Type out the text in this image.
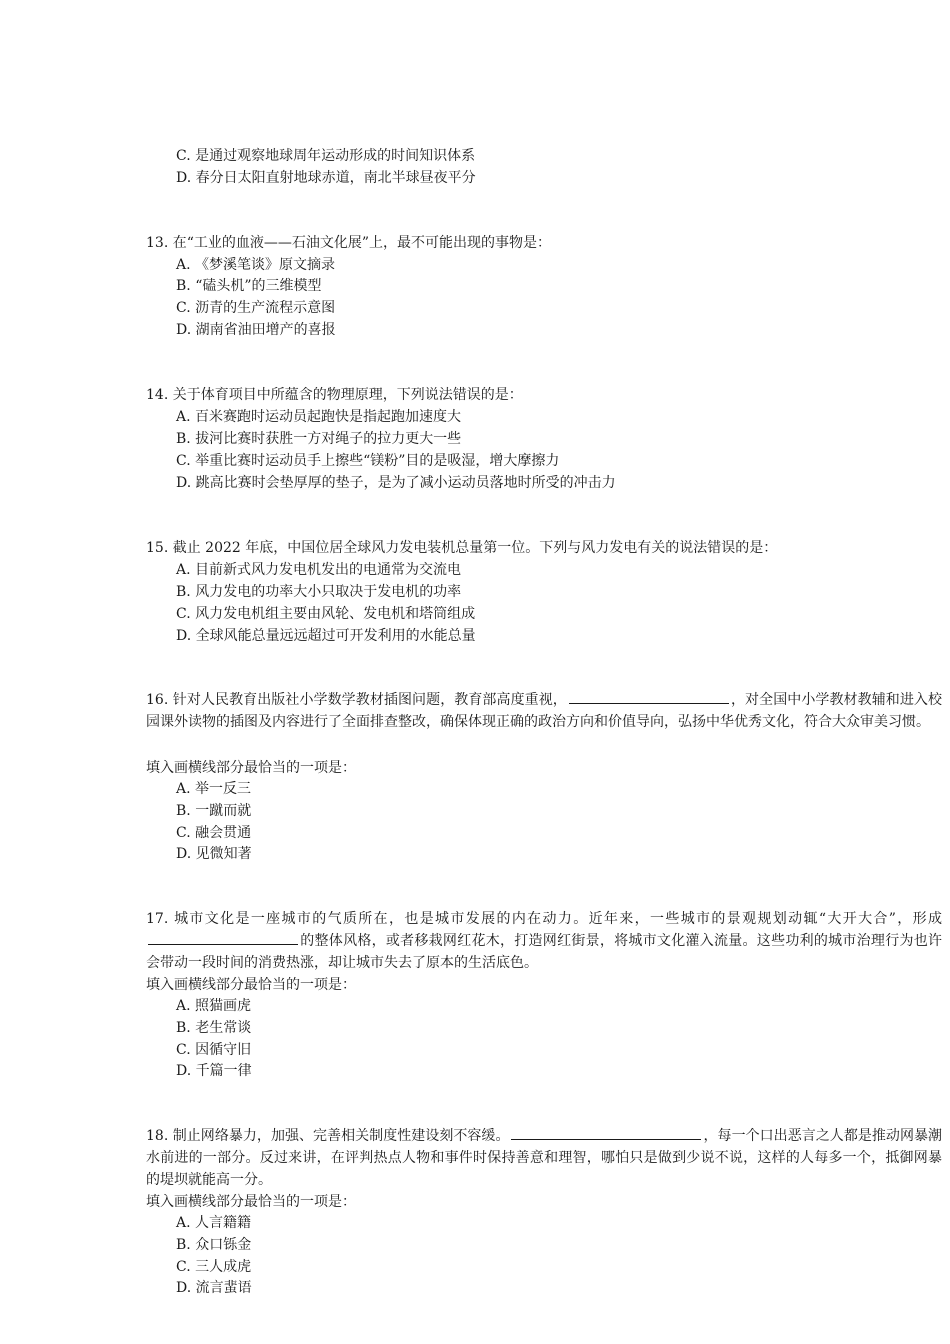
C. 是通过观察地球周年运动形成的时间知识体系
D. 春分日太阳直射地球赤道，南北半球昼夜平分
13. 在“工业的血液——石油文化展”上，最不可能出现的事物是：
A. 《梦溪笔谈》原文摘录
B. “磕头机”的三维模型
C. 沥青的生产流程示意图
D. 湖南省油田增产的喜报
14. 关于体育项目中所蕴含的物理原理，下列说法错误的是：
A. 百米赛跑时运动员起跑快是指起跑加速度大
B. 拔河比赛时获胜一方对绳子的拉力更大一些
C. 举重比赛时运动员手上擦些“镁粉”目的是吸湿，增大摩擦力
D. 跳高比赛时会垫厚厚的垫子，是为了减小运动员落地时所受的冲击力
15. 截止 2022 年底，中国位居全球风力发电装机总量第一位。下列与风力发电有关的说法错误的是：
A. 目前新式风力发电机发出的电通常为交流电
B. 风力发电的功率大小只取决于发电机的功率
C. 风力发电机组主要由风轮、发电机和塔筒组成
D. 全球风能总量远远超过可开发利用的水能总量
16. 针对人民教育出版社小学数学教材插图问题，教育部高度重视，	，对全国中小学教材教辅和进入校园课外读物的插图及内容进行了全面排查整改，确保体现正确的政治方向和价值导向，弘扬中华优秀文化，符合大众审美习惯。
填入画横线部分最恰当的一项是：
A. 举一反三
B. 一蹴而就
C. 融会贯通
D. 见微知著
17. 城市文化是一座城市的气质所在，也是城市发展的内在动力。近年来，一些城市的景观规划动辄“大开大合”，形成的整体风格，或者移栽网红花木，打造网红街景，将城市文化灌入流量。这些功利的城市治理行为也许会带动一段时间的消费热涨，却让城市失去了原本的生活底色。
填入画横线部分最恰当的一项是：
A. 照猫画虎
B. 老生常谈
C. 因循守旧
D. 千篇一律
18. 制止网络暴力，加强、完善相关制度性建设刻不容缓。	，每一个口出恶言之人都是推动网暴潮水前进的一部分。反过来讲，在评判热点人物和事件时保持善意和理智，哪怕只是做到少说不说，这样的人每多一个，抵御网暴的堤坝就能高一分。
填入画横线部分最恰当的一项是：
A. 人言籍籍
B. 众口铄金
C. 三人成虎
D. 流言蜚语
